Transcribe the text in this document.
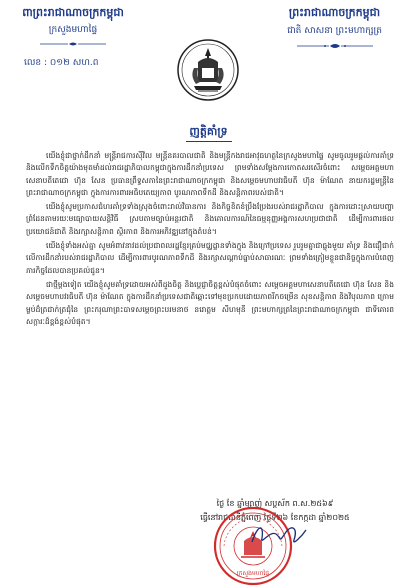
ពាព្រះរាជាណាចក្រកម្ពុជា
ក្រសួងមហាផ្ទៃ
លេខ : ០១២ សហ.ព
ព្រះរាជាណាចក្រកម្ពុជា
ជាតិ សាសនា ព្រះមហាក្សត្រ
ញត្តិគាំទ្រ

យើងខ្ញុំជាថ្នាក់ដឹកនាំ មន្ត្រីរាជការស៊ីវិល មន្ត្រីនគរបាលជាតិ និងមន្ត្រីកងរាជអាវុធហត្ថនៃក្រសួងមហាផ្ទៃ សូមចូលរួមផ្តល់ការគាំទ្រ និងលើកទឹកចិត្តយ៉ាងមុតមាំដល់រាជរដ្ឋាភិបាលកម្ពុជាក្នុងការដឹកនាំប្រទេស ព្រមទាំងសម្តែងការកោតសរសើរចំពោះ សម្តេចអគ្គមហាសេនាបតីតេជោ ហ៊ុន សែន ប្រធានព្រឹទ្ធសភានៃព្រះរាជាណាចក្រកម្ពុជា និងសម្តេចមហាបវរធិបតី ហ៊ុន ម៉ាណែត នាយករដ្ឋមន្ត្រីនៃព្រះរាជាណាចក្រកម្ពុជា ក្នុងការការពារអធិបតេយ្យភាព បូរណភាពទឹកដី និងសន្តិភាពរបស់ជាតិ។

យើងខ្ញុំសូមប្រកាសជំហរគាំទ្រទាំងស្រុងចំពោះរាល់វិធានការ និងកិច្ចខិតខំប្រឹងប្រែងរបស់រាជរដ្ឋាភិបាល ក្នុងការដោះស្រាយបញ្ហាព្រំដែនតាមរយៈមធ្យោបាយសន្តិវិធី ស្របតាមច្បាប់អន្តរជាតិ និងគោលការណ៍នៃធម្មនុញ្ញអង្គការសហប្រជាជាតិ ដើម្បីការពារផលប្រយោជន៍ជាតិ និងរក្សាសន្តិភាព ស្ថិរភាព និងការអភិវឌ្ឍនៅក្នុងតំបន់។

យើងខ្ញុំទាំងអស់គ្នា សូមអំពាវនាវដល់ប្រជាពលរដ្ឋខ្មែរគ្រប់មជ្ឈដ្ឋានទាំងក្នុង និងក្រៅប្រទេស រួបរួមគ្នាជាធ្លុងមួយ គាំទ្រ និងជឿជាក់លើការដឹកនាំរបស់រាជរដ្ឋាភិបាល ដើម្បីការពារបូរណភាពទឹកដី និងរក្សាសណ្តាប់ធ្នាប់សាធារណៈ ព្រមទាំងត្រៀមខ្លួនជានិច្ចក្នុងការបំពេញភារកិច្ចដែលបានប្រគល់ជូន។

ជាថ្មីម្តងទៀត យើងខ្ញុំសូមគាំទ្រដោយអស់ពីដួងចិត្ត និងប្តេជ្ញាចិត្តខ្ពស់បំផុតចំពោះ សម្តេចអគ្គមហាសេនាបតីតេជោ ហ៊ុន សែន និងសម្តេចមហាបវរធិបតី ហ៊ុន ម៉ាណែត ក្នុងការដឹកនាំប្រទេសជាតិឆ្ពោះទៅមុខប្រកបដោយភាពរីកចម្រើន សុខសន្តិភាព និងវិបុលភាព ក្រោមម្លប់ដ៏ត្រជាក់ត្រជុំនៃ ព្រះករុណាព្រះបាទសម្តេចព្រះបរមនាថ នរោត្តម សីហមុនី ព្រះមហាក្សត្រនៃព្រះរាជាណាចក្រកម្ពុជា ជាទីគោរពសក្ការៈដ៏ខ្ពង់ខ្ពស់បំផុត។

ថ្ងៃ ខែ ឆ្នាំម្សាញ់ សប្តស័ក ព.ស.២៥៦៩
ធ្វើនៅរាជធានីភ្នំពេញ ថ្ងៃទី២៦ ខែកក្កដា ឆ្នាំ២០២៥
ក្រសួងមហាផ្ទៃ
